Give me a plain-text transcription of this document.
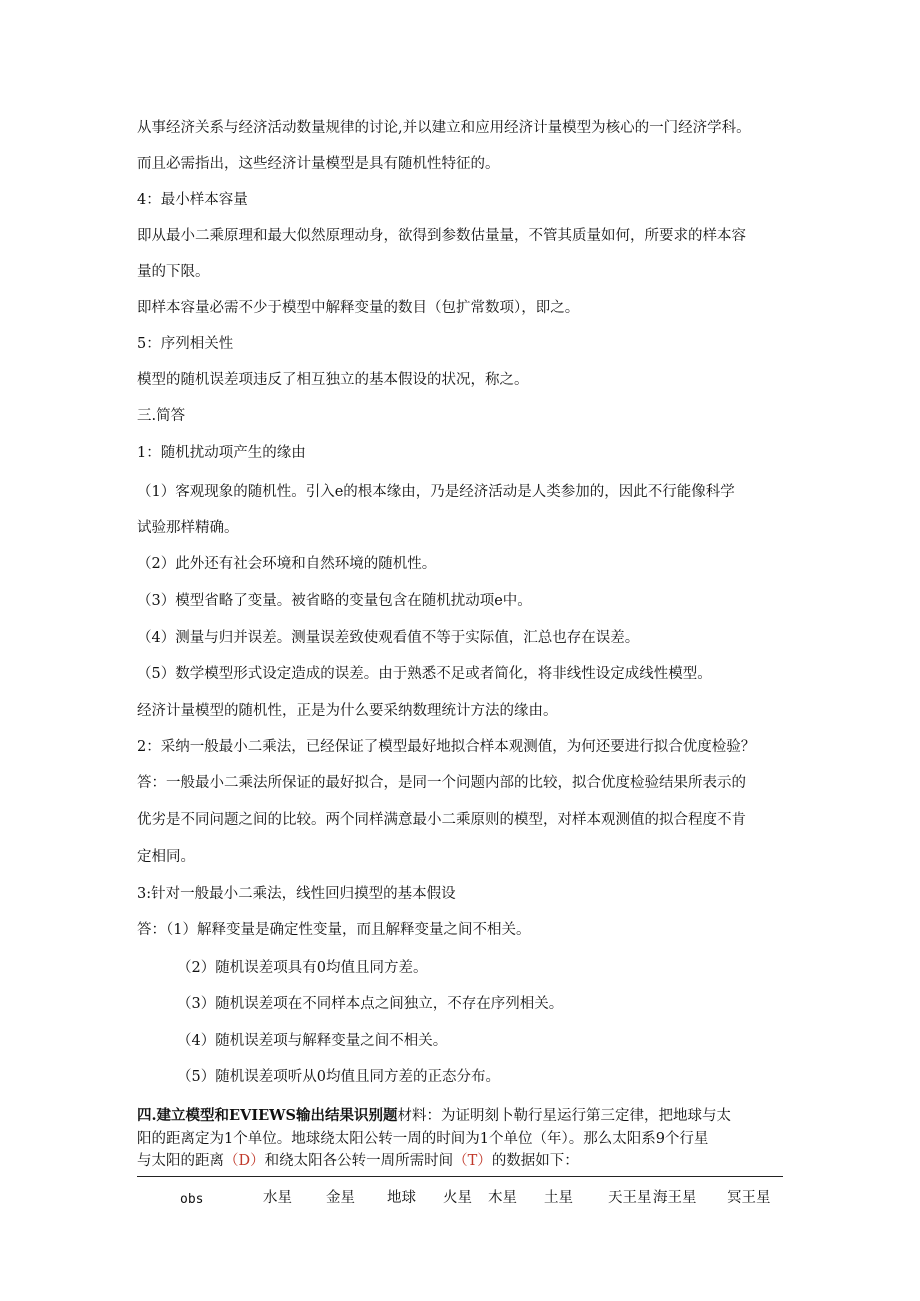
从事经济关系与经济活动数量规律的讨论,并以建立和应用经济计量模型为核心的一门经济学科。
而且必需指出，这些经济计量模型是具有随机性特征的。
4：最小样本容量
即从最小二乘原理和最大似然原理动身，欲得到参数估量量，不管其质量如何，所要求的样本容
量的下限。
即样本容量必需不少于模型中解释变量的数目（包扩常数项），即之。
5：序列相关性
模型的随机误差项违反了相互独立的基本假设的状况，称之。
三.简答
1：随机扰动项产生的缘由
（1）客观现象的随机性。引入e的根本缘由，乃是经济活动是人类参加的，因此不行能像科学
试验那样精确。
（2）此外还有社会环境和自然环境的随机性。
（3）模型省略了变量。被省略的变量包含在随机扰动项e中。
（4）测量与归并误差。测量误差致使观看值不等于实际值，汇总也存在误差。
（5）数学模型形式设定造成的误差。由于熟悉不足或者简化，将非线性设定成线性模型。
经济计量模型的随机性，正是为什么要采纳数理统计方法的缘由。
2：采纳一般最小二乘法，已经保证了模型最好地拟合样本观测值，为何还要进行拟合优度检验？
答：一般最小二乘法所保证的最好拟合，是同一个问题内部的比较，拟合优度检验结果所表示的
优劣是不同问题之间的比较。两个同样满意最小二乘原则的模型，对样本观测值的拟合程度不肯
定相同。
3:针对一般最小二乘法，线性回归摸型的基本假设
答：（1）解释变量是确定性变量，而且解释变量之间不相关。
（2）随机误差项具有0均值且同方差。
（3）随机误差项在不同样本点之间独立，不存在序列相关。
（4）随机误差项与解释变量之间不相关。
（5）随机误差项听从0均值且同方差的正态分布。
四.建立模型和EVIEWS输出结果识别题材料：为证明刻卜勒行星运行第三定律，把地球与太
阳的距离定为1个单位。地球绕太阳公转一周的时间为1个单位（年）。那么太阳系9个行星
与太阳的距离（D）和绕太阳各公转一周所需时间（T）的数据如下：
obs	水星 金星 地球 火星 木星 土星 天王星 海王星 冥王星
